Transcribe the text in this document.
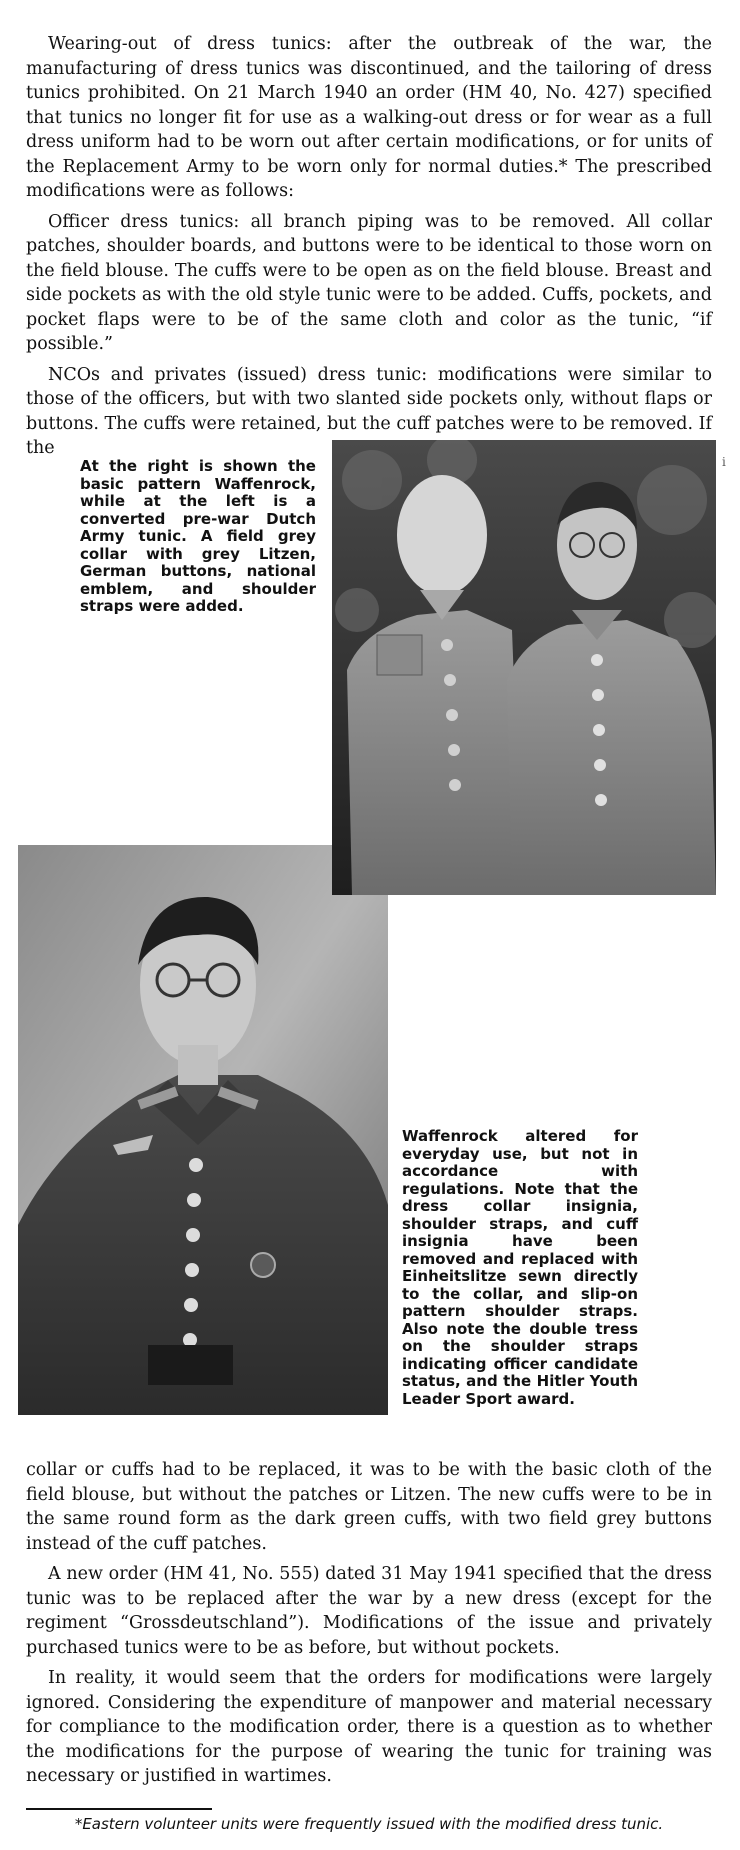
Wearing-out of dress tunics: after the outbreak of the war, the manufacturing of dress tunics was discontinued, and the tailoring of dress tunics prohibited. On 21 March 1940 an order (HM 40, No. 427) specified that tunics no longer fit for use as a walking-out dress or for wear as a full dress uniform had to be worn out after certain modifications, or for units of the Replacement Army to be worn only for normal duties.* The prescribed modifications were as follows:

Officer dress tunics: all branch piping was to be removed. All collar patches, shoulder boards, and buttons were to be identical to those worn on the field blouse. The cuffs were to be open as on the field blouse. Breast and side pockets as with the old style tunic were to be added. Cuffs, pockets, and pocket flaps were to be of the same cloth and color as the tunic, “if possible.”

NCOs and privates (issued) dress tunic: modifications were similar to those of the officers, but with two slanted side pockets only, without flaps or buttons. The cuffs were retained, but the cuff patches were to be removed. If the

At the right is shown the basic pattern Waffenrock, while at the left is a converted pre-war Dutch Army tunic. A field grey collar with grey Litzen, German buttons, national emblem, and shoulder straps were added.
i
Waffenrock altered for everyday use, but not in accordance with regulations. Note that the dress collar insignia, shoulder straps, and cuff insignia have been removed and replaced with Einheitslitze sewn directly to the collar, and slip-on pattern shoulder straps. Also note the double tress on the shoulder straps indicating officer candidate status, and the Hitler Youth Leader Sport award.

collar or cuffs had to be replaced, it was to be with the basic cloth of the field blouse, but without the patches or Litzen. The new cuffs were to be in the same round form as the dark green cuffs, with two field grey buttons instead of the cuff patches.

A new order (HM 41, No. 555) dated 31 May 1941 specified that the dress tunic was to be replaced after the war by a new dress (except for the regiment “Grossdeutschland”). Modifications of the issue and privately purchased tunics were to be as before, but without pockets.

In reality, it would seem that the orders for modifications were largely ignored. Considering the expenditure of manpower and material necessary for compliance to the modification order, there is a question as to whether the modifications for the purpose of wearing the tunic for training was necessary or justified in wartimes.

*Eastern volunteer units were frequently issued with the modified dress tunic.
